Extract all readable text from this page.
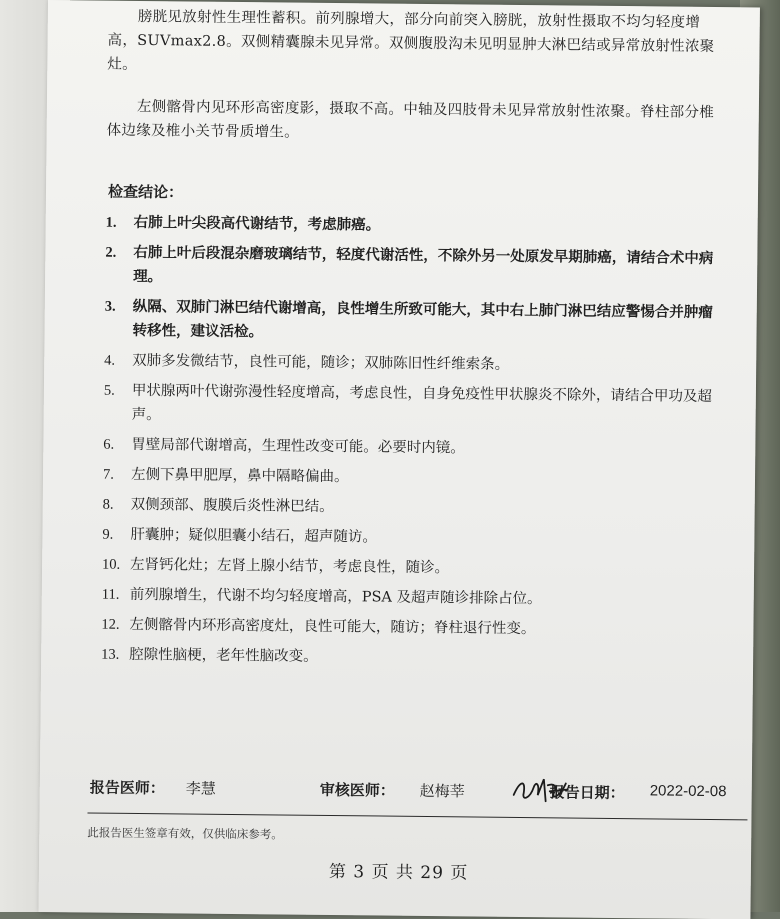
膀胱见放射性生理性蓄积。前列腺增大，部分向前突入膀胱，放射性摄取不均匀轻度增高，SUVmax2.8。双侧精囊腺未见异常。双侧腹股沟未见明显肿大淋巴结或异常放射性浓聚灶。
左侧髂骨内见环形高密度影，摄取不高。中轴及四肢骨未见异常放射性浓聚。脊柱部分椎体边缘及椎小关节骨质增生。
检查结论：
1.	右肺上叶尖段高代谢结节，考虑肺癌。
2.	右肺上叶后段混杂磨玻璃结节，轻度代谢活性，不除外另一处原发早期肺癌，请结合术中病理。
3.	纵隔、双肺门淋巴结代谢增高，良性增生所致可能大，其中右上肺门淋巴结应警惕合并肿瘤转移性，建议活检。
4.	双肺多发微结节，良性可能，随诊；双肺陈旧性纤维索条。
5.	甲状腺两叶代谢弥漫性轻度增高，考虑良性，自身免疫性甲状腺炎不除外，请结合甲功及超声。
6.	胃壁局部代谢增高，生理性改变可能。必要时内镜。
7.	左侧下鼻甲肥厚，鼻中隔略偏曲。
8.	双侧颈部、腹膜后炎性淋巴结。
9.	肝囊肿；疑似胆囊小结石，超声随访。
10. 左肾钙化灶；左肾上腺小结节，考虑良性，随诊。
11. 前列腺增生，代谢不均匀轻度增高，PSA 及超声随诊排除占位。
12. 左侧髂骨内环形高密度灶，良性可能大，随访；脊柱退行性变。
13. 腔隙性脑梗，老年性脑改变。
报告医师： 李慧	审核医师： 赵梅莘	报告日期： 2022-02-08
此报告医生签章有效，仅供临床参考。
第 3 页 共 29 页
